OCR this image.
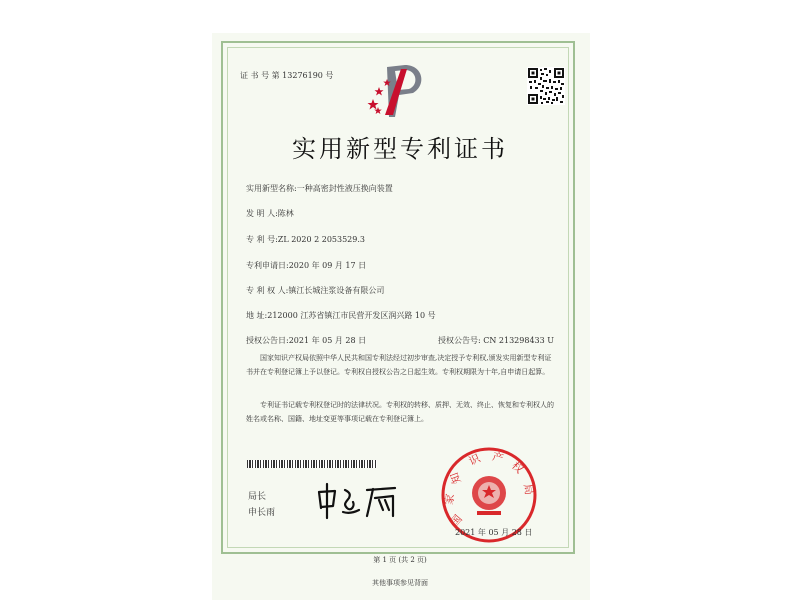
证 书 号 第 13276190 号
实用新型专利证书
实用新型名称:一种高密封性液压换向装置
发 明 人:陈林
专 利 号:ZL 2020 2 2053529.3
专利申请日:2020 年 09 月 17 日
专 利 权 人:镇江长城注浆设备有限公司
地 址:212000 江苏省镇江市民营开发区润兴路 10 号
授权公告日:2021 年 05 月 28 日	授权公告号: CN 213298433 U
国家知识产权局依照中华人民共和国专利法经过初步审查,决定授予专利权,颁发实用新型专利证书并在专利登记簿上予以登记。专利权自授权公告之日起生效。专利权期限为十年,自申请日起算。
专利证书记载专利权登记时的法律状况。专利权的转移、质押、无效、终止、恢复和专利权人的姓名或名称、国籍、地址变更等事项记载在专利登记簿上。
局长
申长雨	国
家
知
识 产
权
局
2021 年 05 月 28 日
第 1 页 (共 2 页)
其他事项参见背面
